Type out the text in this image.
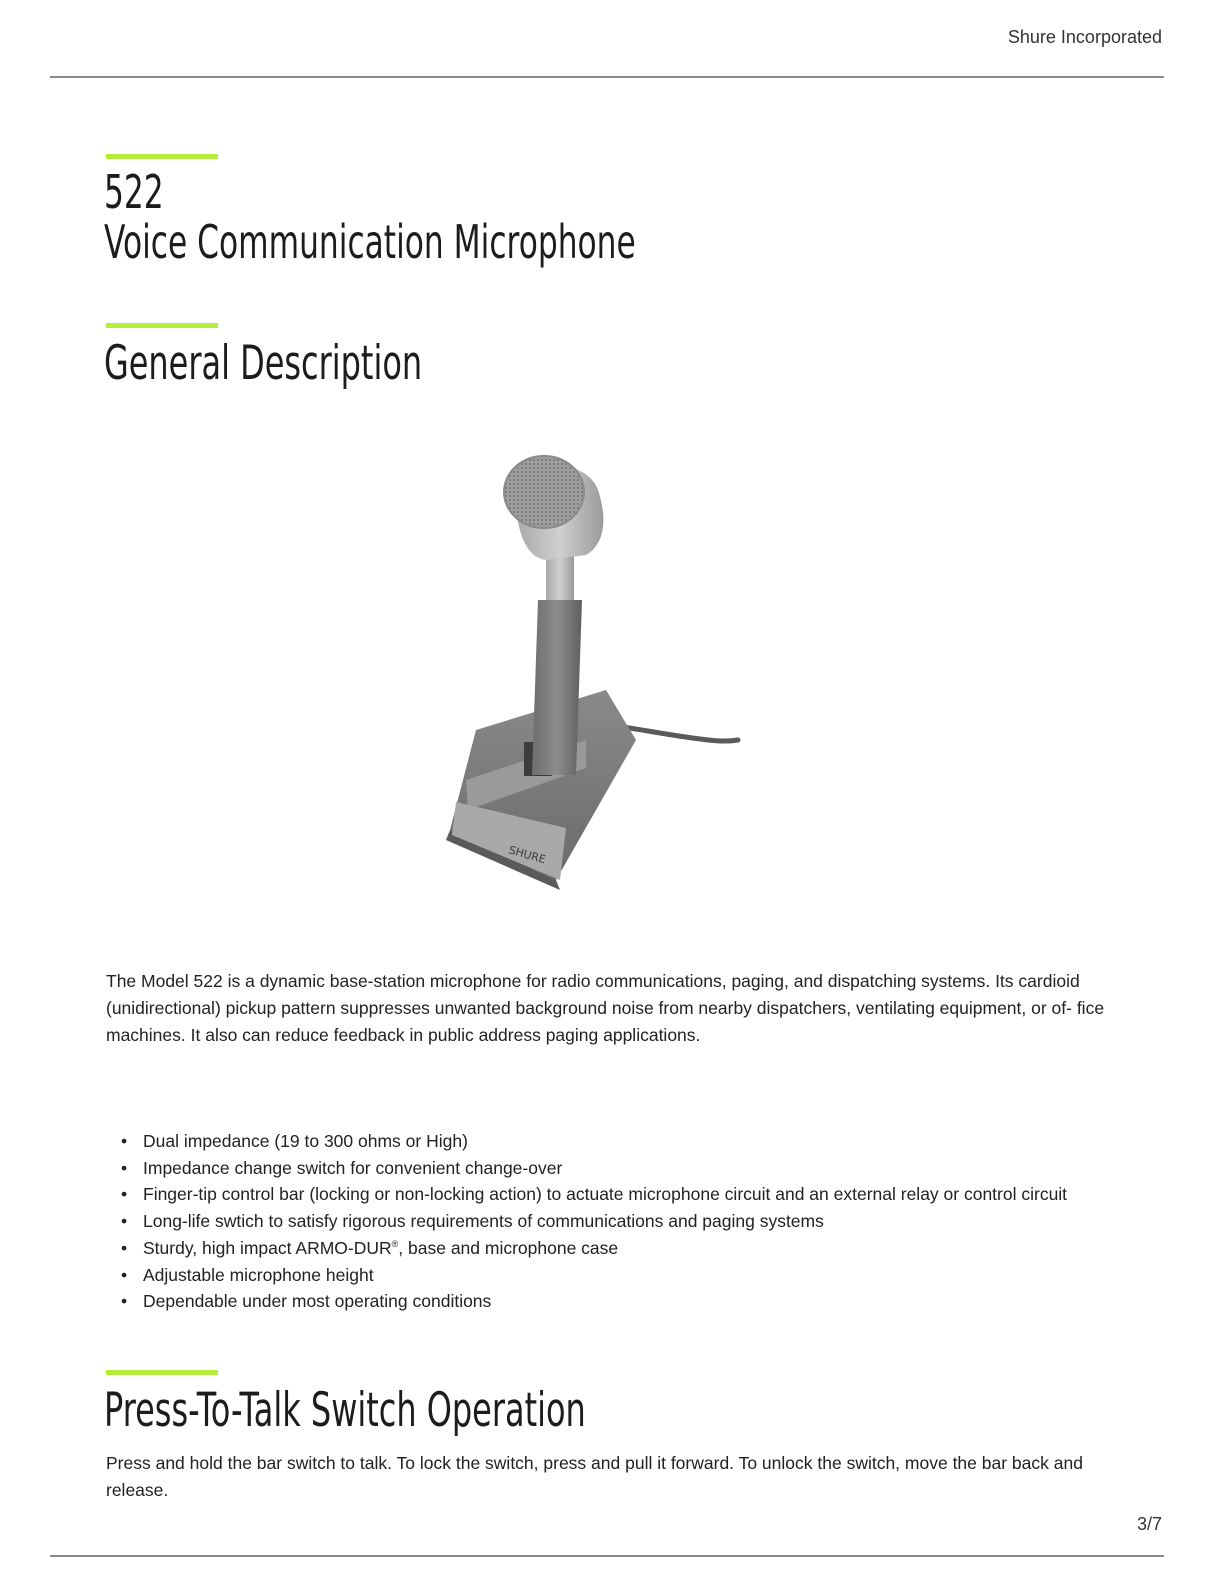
Shure Incorporated
522
Voice Communication Microphone
General Description
SHURE

The Model 522 is a dynamic base-station microphone for radio communications, paging, and dispatching systems. Its cardioid (unidirectional) pickup pattern suppresses unwanted background noise from nearby dispatchers, ventilating equipment, or of- fice machines. It also can reduce feedback in public address paging applications.

• Dual impedance (19 to 300 ohms or High)
• Impedance change switch for convenient change-over
• Finger-tip control bar (locking or non-locking action) to actuate microphone circuit and an external relay or control circuit
• Long-life swtich to satisfy rigorous requirements of communications and paging systems
• Sturdy, high impact ARMO-DUR®, base and microphone case
• Adjustable microphone height
• Dependable under most operating conditions
Press-To-Talk Switch Operation

Press and hold the bar switch to talk. To lock the switch, press and pull it forward. To unlock the switch, move the bar back and release.

3/7
